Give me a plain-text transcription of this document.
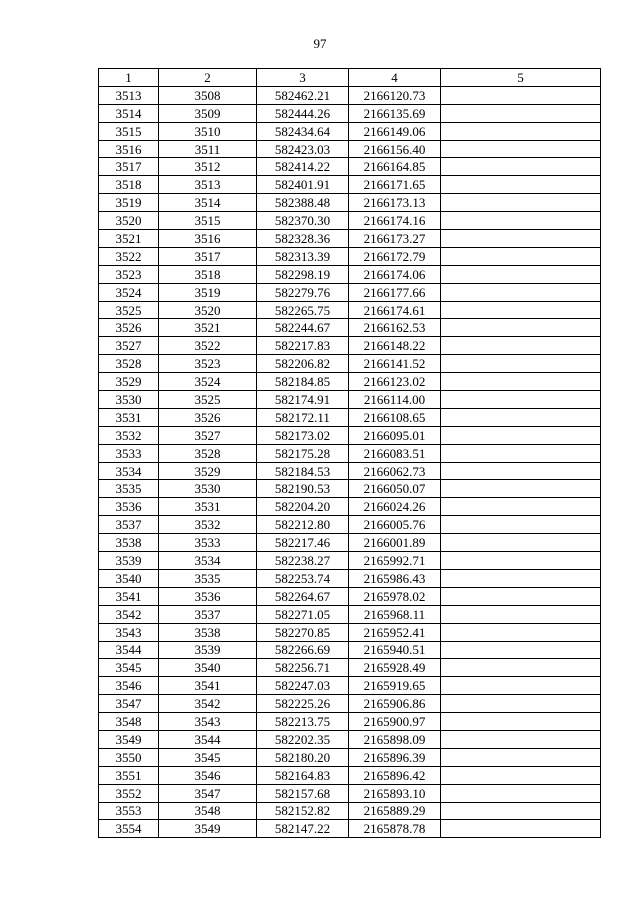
97
1	2	3	4	5
3513	3508	582462.21	2166120.73	
3514	3509	582444.26	2166135.69	
3515	3510	582434.64	2166149.06	
3516	3511	582423.03	2166156.40	
3517	3512	582414.22	2166164.85	
3518	3513	582401.91	2166171.65	
3519	3514	582388.48	2166173.13	
3520	3515	582370.30	2166174.16	
3521	3516	582328.36	2166173.27	
3522	3517	582313.39	2166172.79	
3523	3518	582298.19	2166174.06	
3524	3519	582279.76	2166177.66	
3525	3520	582265.75	2166174.61	
3526	3521	582244.67	2166162.53	
3527	3522	582217.83	2166148.22	
3528	3523	582206.82	2166141.52	
3529	3524	582184.85	2166123.02	
3530	3525	582174.91	2166114.00	
3531	3526	582172.11	2166108.65	
3532	3527	582173.02	2166095.01	
3533	3528	582175.28	2166083.51	
3534	3529	582184.53	2166062.73	
3535	3530	582190.53	2166050.07	
3536	3531	582204.20	2166024.26	
3537	3532	582212.80	2166005.76	
3538	3533	582217.46	2166001.89	
3539	3534	582238.27	2165992.71	
3540	3535	582253.74	2165986.43	
3541	3536	582264.67	2165978.02	
3542	3537	582271.05	2165968.11	
3543	3538	582270.85	2165952.41	
3544	3539	582266.69	2165940.51	
3545	3540	582256.71	2165928.49	
3546	3541	582247.03	2165919.65	
3547	3542	582225.26	2165906.86	
3548	3543	582213.75	2165900.97	
3549	3544	582202.35	2165898.09	
3550	3545	582180.20	2165896.39	
3551	3546	582164.83	2165896.42	
3552	3547	582157.68	2165893.10	
3553	3548	582152.82	2165889.29	
3554	3549	582147.22	2165878.78	
